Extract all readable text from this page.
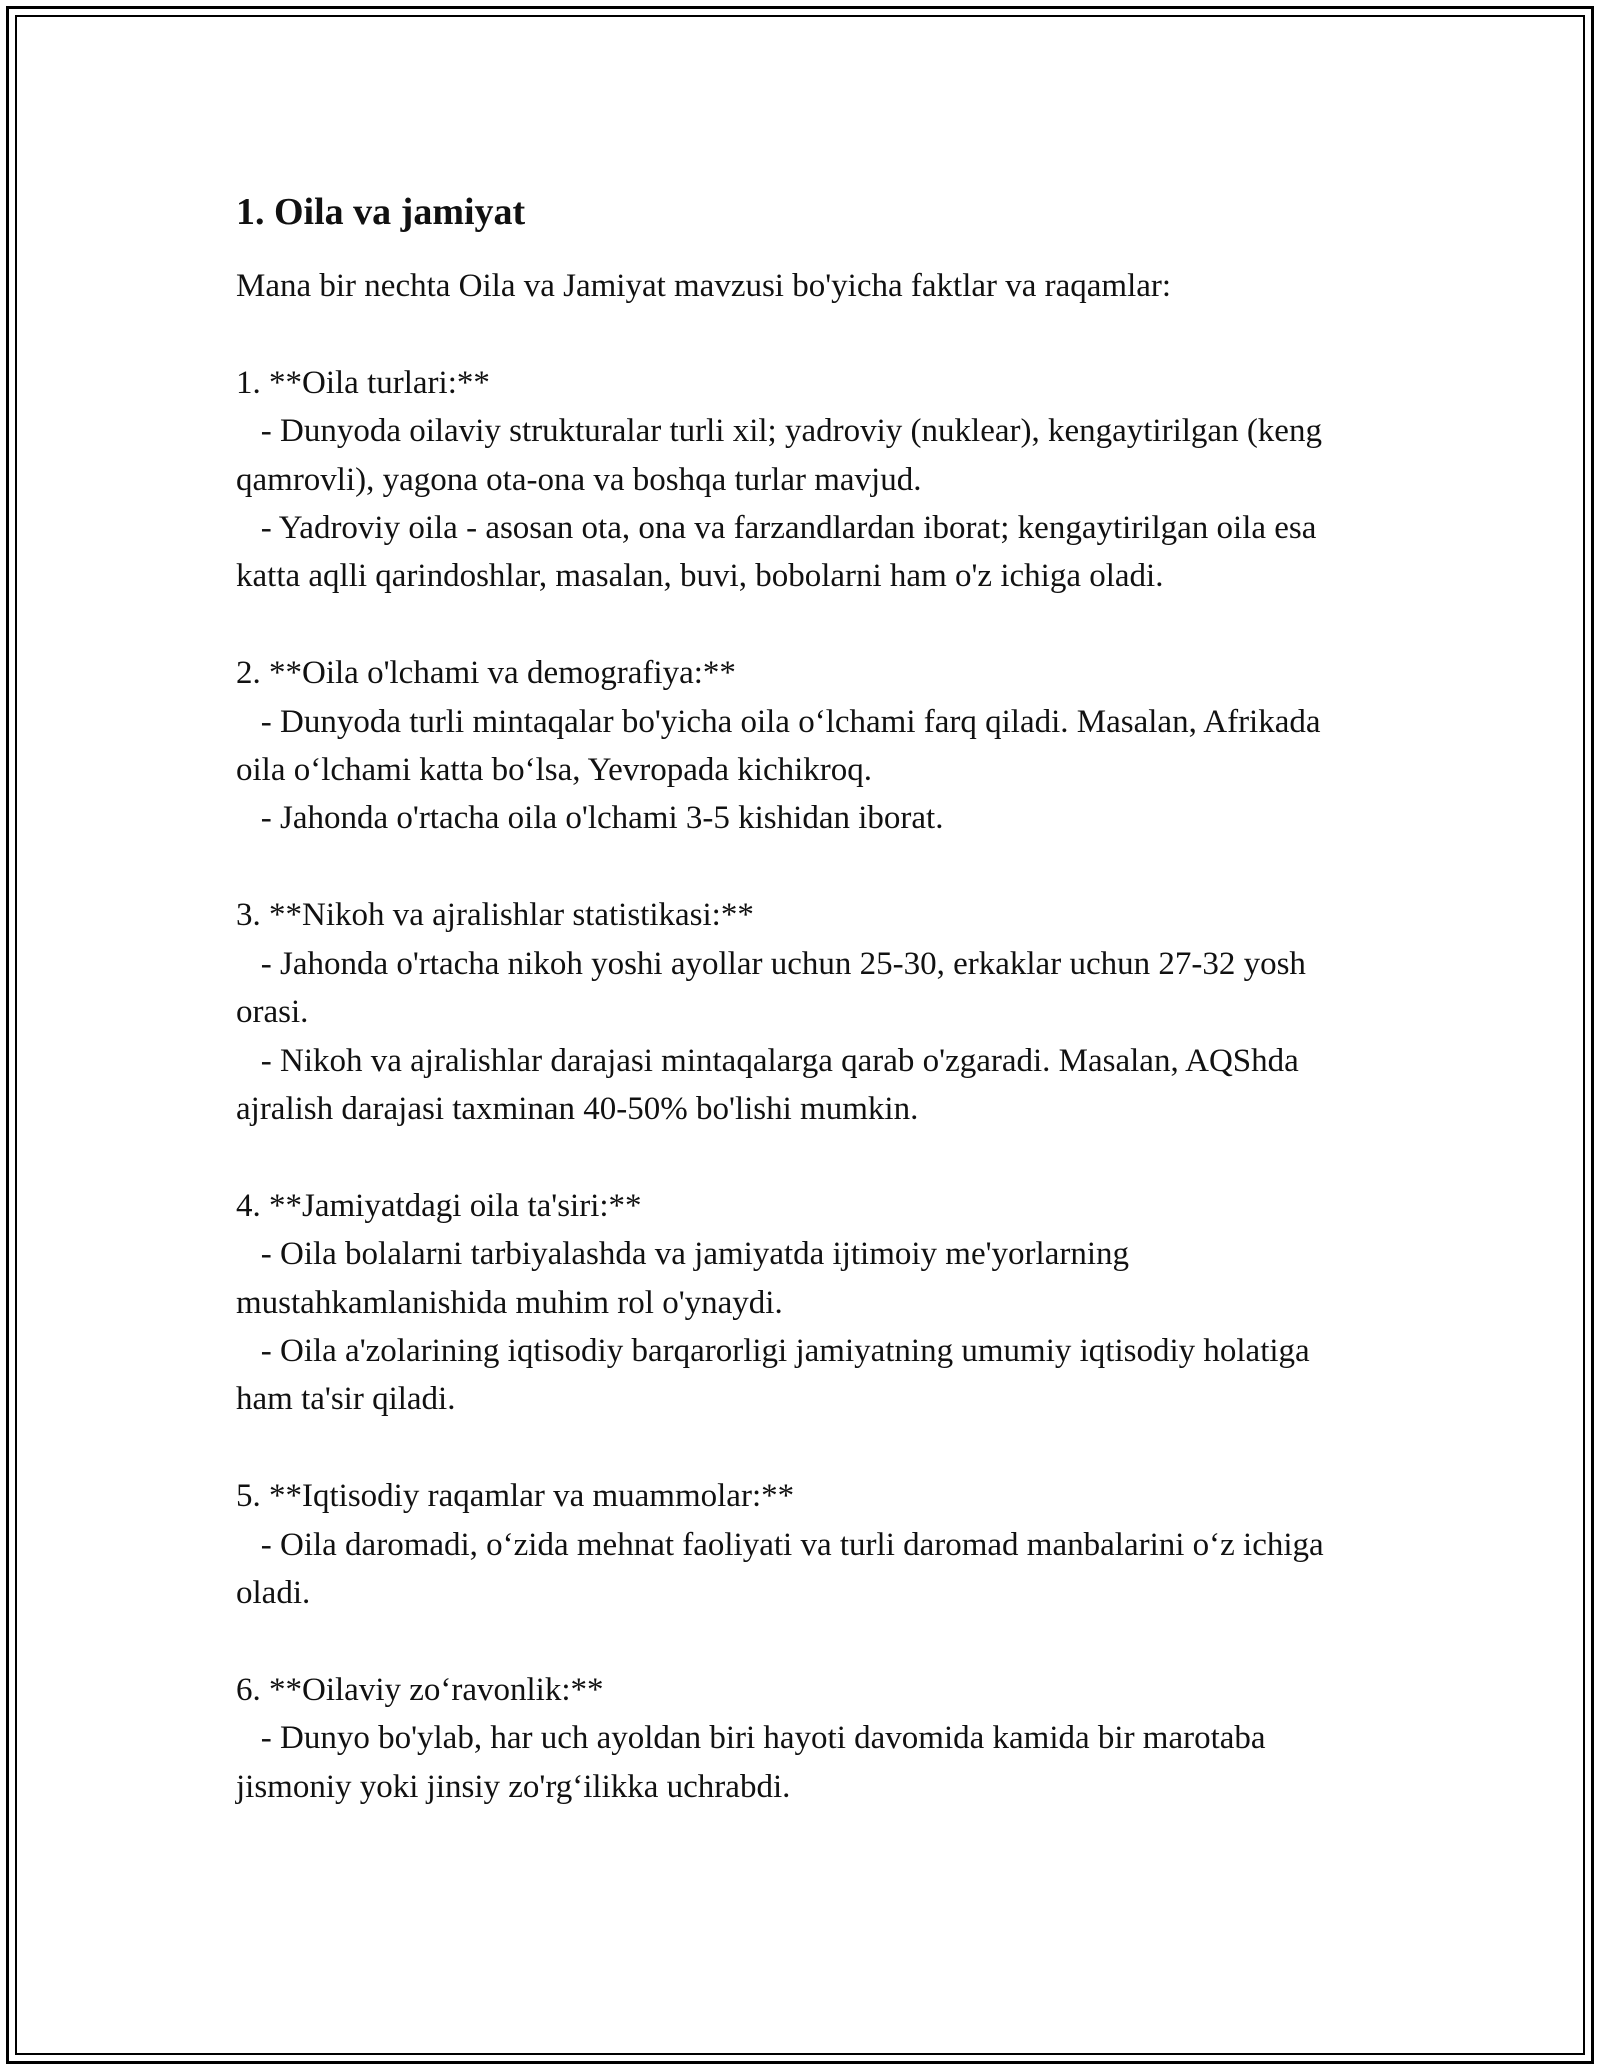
1. Oila va jamiyat

Mana bir nechta Oila va Jamiyat mavzusi bo'yicha faktlar va raqamlar:

1. **Oila turlari:**

- Dunyoda oilaviy strukturalar turli xil; yadroviy (nuklear), kengaytirilgan (keng qamrovli), yagona ota-ona va boshqa turlar mavjud.

- Yadroviy oila - asosan ota, ona va farzandlardan iborat; kengaytirilgan oila esa katta aqlli qarindoshlar, masalan, buvi, bobolarni ham o'z ichiga oladi.

2. **Oila o'lchami va demografiya:**

- Dunyoda turli mintaqalar bo'yicha oila oʻlchami farq qiladi. Masalan, Afrikada oila oʻlchami katta boʻlsa, Yevropada kichikroq.

- Jahonda o'rtacha oila o'lchami 3-5 kishidan iborat.

3. **Nikoh va ajralishlar statistikasi:**

- Jahonda o'rtacha nikoh yoshi ayollar uchun 25-30, erkaklar uchun 27-32 yosh orasi.

- Nikoh va ajralishlar darajasi mintaqalarga qarab o'zgaradi. Masalan, AQShda ajralish darajasi taxminan 40-50% bo'lishi mumkin.

4. **Jamiyatdagi oila ta'siri:**

- Oila bolalarni tarbiyalashda va jamiyatda ijtimoiy me'yorlarning mustahkamlanishida muhim rol o'ynaydi.

- Oila a'zolarining iqtisodiy barqarorligi jamiyatning umumiy iqtisodiy holatiga ham ta'sir qiladi.

5. **Iqtisodiy raqamlar va muammolar:**

- Oila daromadi, oʻzida mehnat faoliyati va turli daromad manbalarini oʻz ichiga oladi.

6. **Oilaviy zoʻravonlik:**

- Dunyo bo'ylab, har uch ayoldan biri hayoti davomida kamida bir marotaba jismoniy yoki jinsiy zo'rgʻilikka uchrabdi.
